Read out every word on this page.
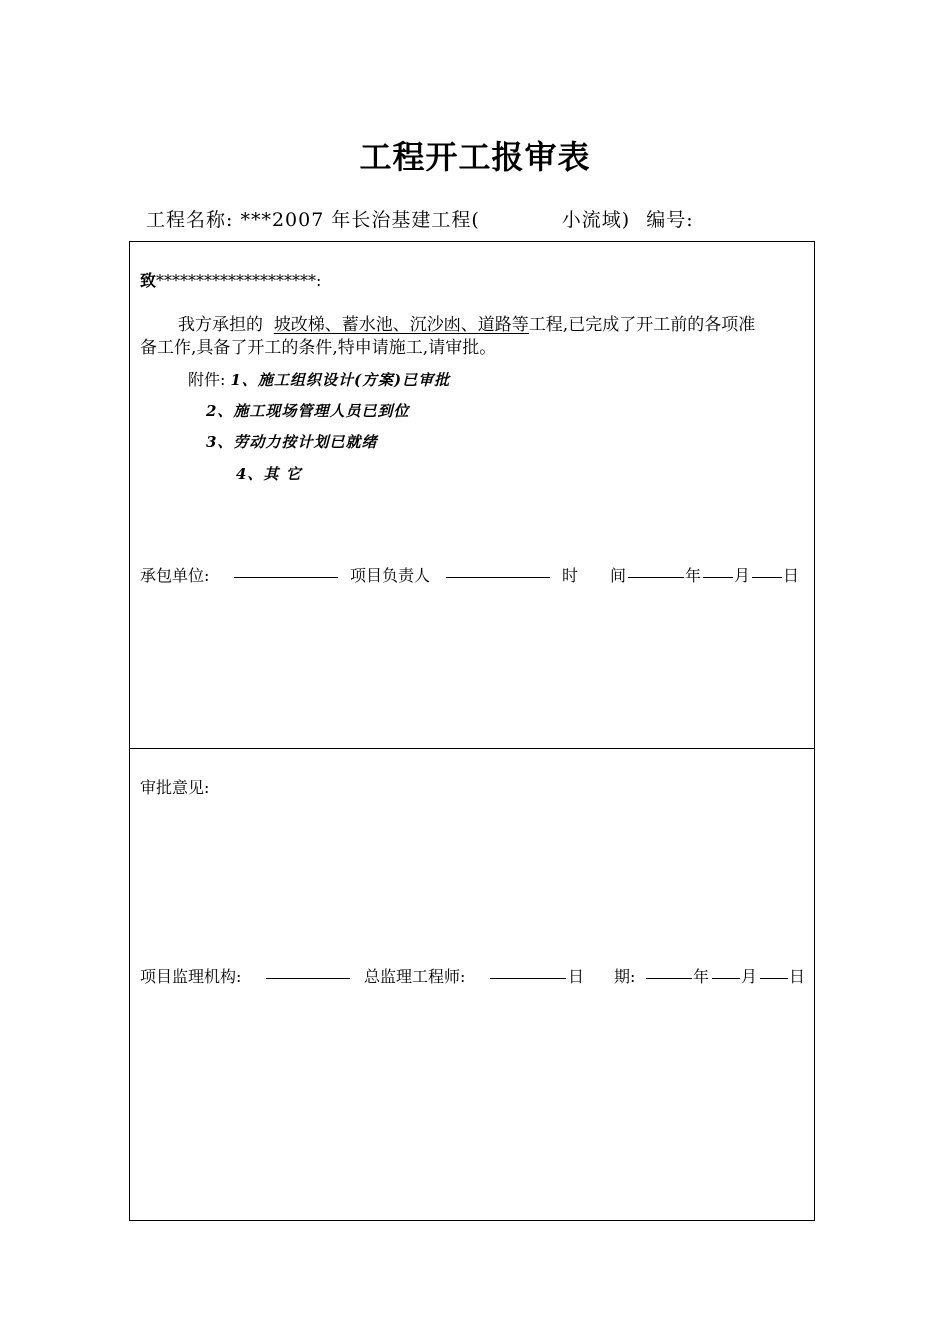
工程开工报审表
工程名称: ***2007 年长治基建工程(	小流域) 编号:
致********************:
我方承担的 坡改梯、蓄水池、沉沙凼、道路等工程,已完成了开工前的各项准
备工作,具备了开工的条件,特申请施工,请审批。
附件: 1、施工组织设计(方案)已审批
2、施工现场管理人员已到位
3、劳动力按计划已就绪
4、其 它
承包单位:	项目负责人	时 间	年 月 日
审批意见:
项目监理机构:	总监理工程师:	日 期:	年 月 日
